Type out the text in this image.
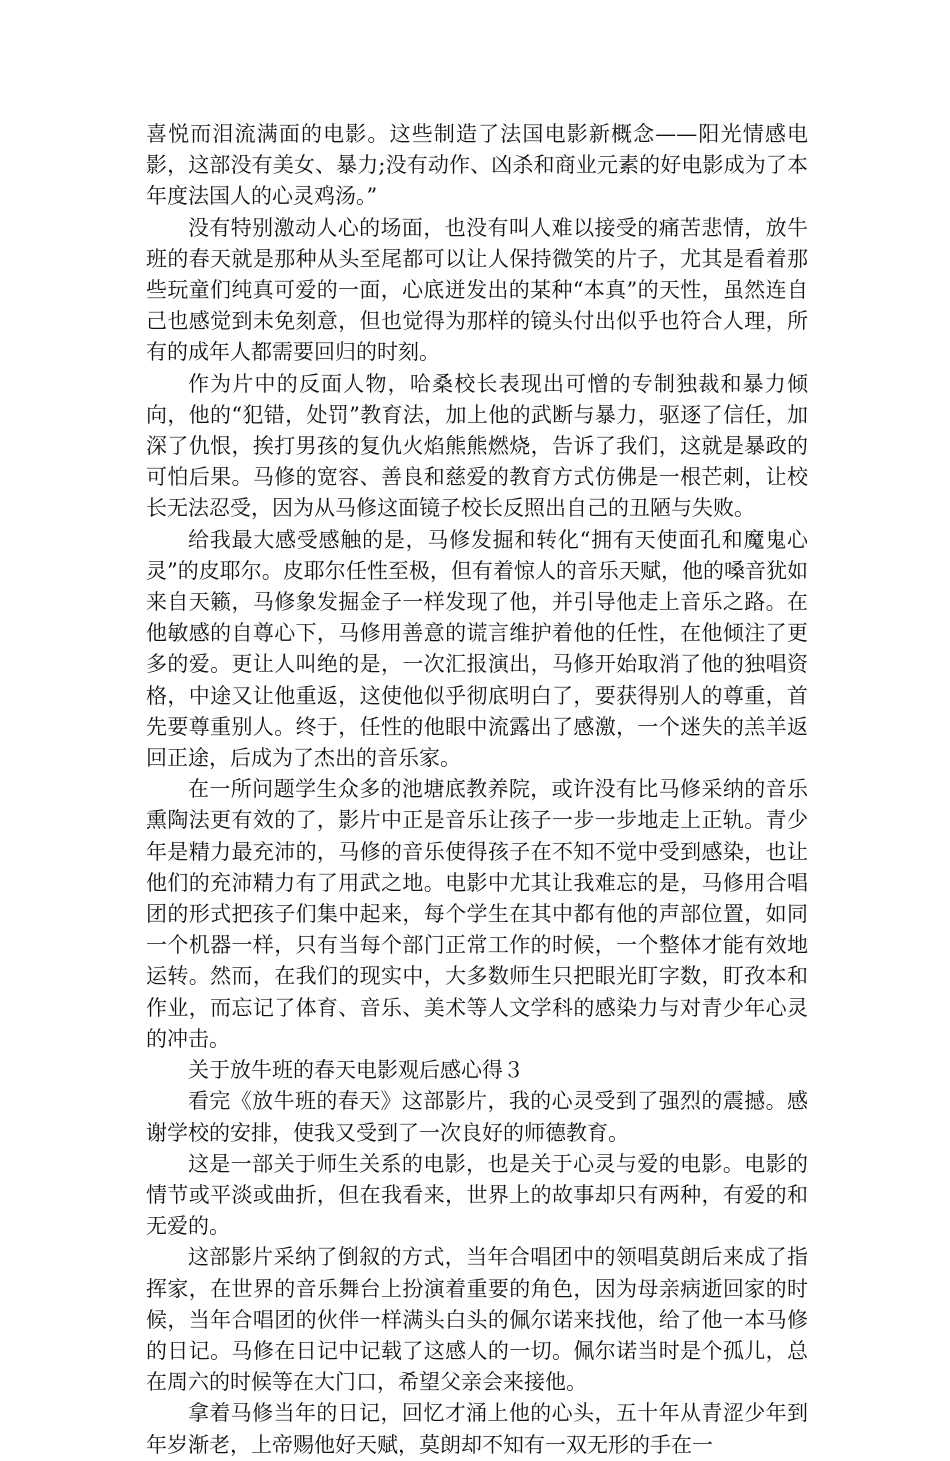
喜悦而泪流满面的电影。这些制造了法国电影新概念——阳光情感电影，这部没有美女、暴力;没有动作、凶杀和商业元素的好电影成为了本年度法国人的心灵鸡汤。”

没有特别激动人心的场面，也没有叫人难以接受的痛苦悲情，放牛班的春天就是那种从头至尾都可以让人保持微笑的片子，尤其是看着那些玩童们纯真可爱的一面，心底迸发出的某种“本真”的天性，虽然连自己也感觉到未免刻意，但也觉得为那样的镜头付出似乎也符合人理，所有的成年人都需要回归的时刻。

作为片中的反面人物，哈桑校长表现出可憎的专制独裁和暴力倾向，他的“犯错，处罚”教育法，加上他的武断与暴力，驱逐了信任，加深了仇恨，挨打男孩的复仇火焰熊熊燃烧，告诉了我们，这就是暴政的可怕后果。马修的宽容、善良和慈爱的教育方式仿佛是一根芒刺，让校长无法忍受，因为从马修这面镜子校长反照出自己的丑陋与失败。

给我最大感受感触的是，马修发掘和转化“拥有天使面孔和魔鬼心灵”的皮耶尔。皮耶尔任性至极，但有着惊人的音乐天赋，他的嗓音犹如来自天籁，马修象发掘金子一样发现了他，并引导他走上音乐之路。在他敏感的自尊心下，马修用善意的谎言维护着他的任性，在他倾注了更多的爱。更让人叫绝的是，一次汇报演出，马修开始取消了他的独唱资格，中途又让他重返，这使他似乎彻底明白了，要获得别人的尊重，首先要尊重别人。终于，任性的他眼中流露出了感激，一个迷失的羔羊返回正途，后成为了杰出的音乐家。

在一所问题学生众多的池塘底教养院，或许没有比马修采纳的音乐熏陶法更有效的了，影片中正是音乐让孩子一步一步地走上正轨。青少年是精力最充沛的，马修的音乐使得孩子在不知不觉中受到感染，也让他们的充沛精力有了用武之地。电影中尤其让我难忘的是，马修用合唱团的形式把孩子们集中起来，每个学生在其中都有他的声部位置，如同一个机器一样，只有当每个部门正常工作的时候，一个整体才能有效地运转。然而，在我们的现实中，大多数师生只把眼光盯字数，盯孜本和作业，而忘记了体育、音乐、美术等人文学科的感染力与对青少年心灵的冲击。

关于放牛班的春天电影观后感心得３

看完《放牛班的春天》这部影片，我的心灵受到了强烈的震撼。感谢学校的安排，使我又受到了一次良好的师德教育。

这是一部关于师生关系的电影，也是关于心灵与爱的电影。电影的情节或平淡或曲折，但在我看来，世界上的故事却只有两种，有爱的和无爱的。

这部影片采纳了倒叙的方式，当年合唱团中的领唱莫朗后来成了指挥家，在世界的音乐舞台上扮演着重要的角色，因为母亲病逝回家的时候，当年合唱团的伙伴一样满头白头的佩尔诺来找他，给了他一本马修的日记。马修在日记中记载了这感人的一切。佩尔诺当时是个孤儿，总在周六的时候等在大门口，希望父亲会来接他。

拿着马修当年的日记，回忆才涌上他的心头，五十年从青涩少年到年岁渐老，上帝赐他好天赋，莫朗却不知有一双无形的手在一
